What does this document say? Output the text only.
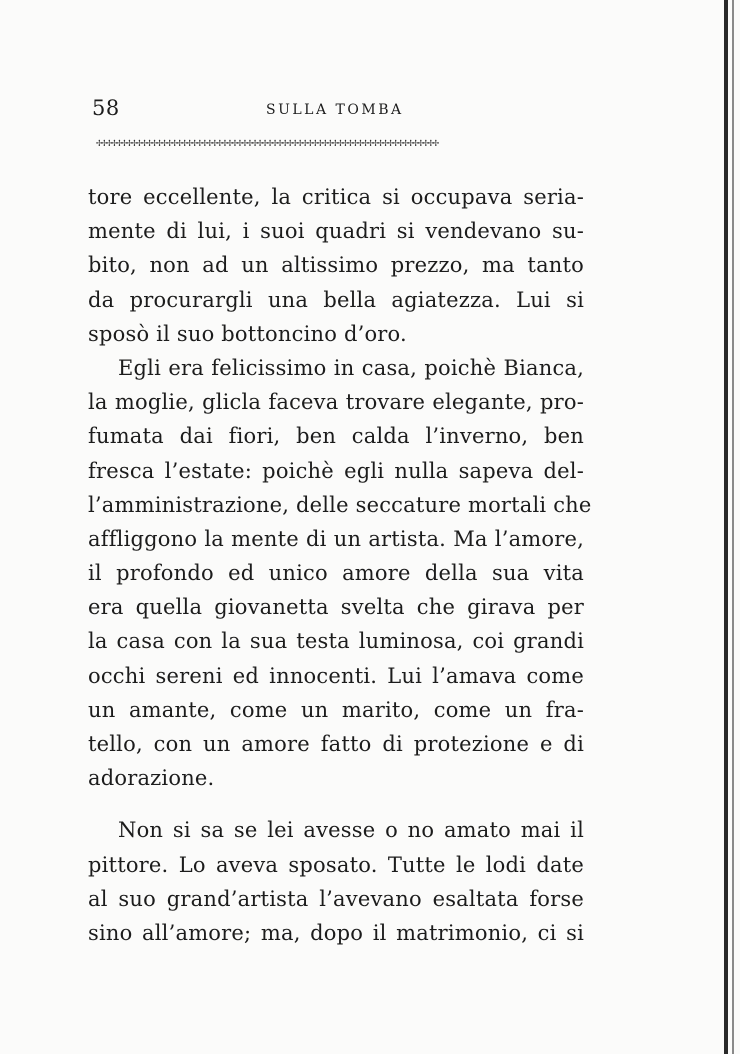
58	SULLA TOMBA
✢✢✢✢✢✢✢✢✢✢✢✢✢✢✢✢✢✢✢✢✢✢✢✢✢✢✢✢✢✢✢✢✢✢✢✢✢✢✢✢✢✢✢✢✢✢✢✢✢✢✢✢✢✢✢✢✢✢✢✢✢✢✢✢✢✢✢✢
tore eccellente, la critica si occupava seria-
mente di lui, i suoi quadri si vendevano su-
bito, non ad un altissimo prezzo, ma tanto
da procurargli una bella agiatezza. Lui si
sposò il suo bottoncino d’oro.
Egli era felicissimo in casa, poichè Bianca,
la moglie, glicla faceva trovare elegante, pro-
fumata dai fiori, ben calda l’inverno, ben
fresca l’estate: poichè egli nulla sapeva del-
l’amministrazione, delle seccature mortali che
affliggono la mente di un artista. Ma l’amore,
il profondo ed unico amore della sua vita
era quella giovanetta svelta che girava per
la casa con la sua testa luminosa, coi grandi
occhi sereni ed innocenti. Lui l’amava come
un amante, come un marito, come un fra-
tello, con un amore fatto di protezione e di
adorazione.
Non si sa se lei avesse o no amato mai il
pittore. Lo aveva sposato. Tutte le lodi date
al suo grand’artista l’avevano esaltata forse
sino all’amore; ma, dopo il matrimonio, ci si
